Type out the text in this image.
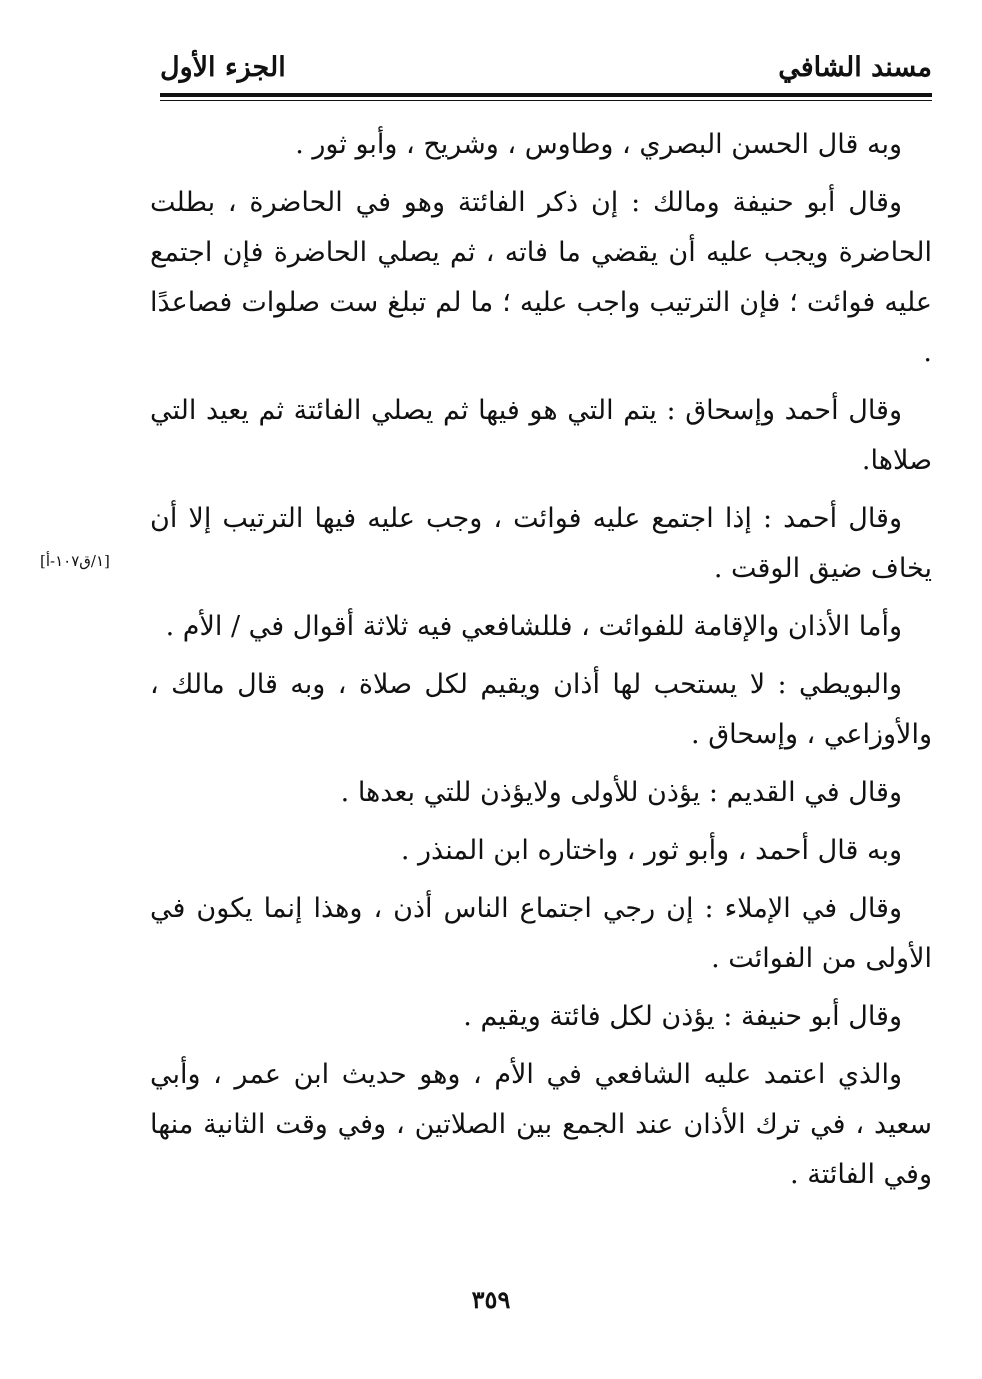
مسند الشافي
الجزء الأول

وبه قال الحسن البصري ، وطاوس ، وشريح ، وأبو ثور .

وقال أبو حنيفة ومالك : إن ذكر الفائتة وهو في الحاضرة ، بطلت الحاضرة ويجب عليه أن يقضي ما فاته ، ثم يصلي الحاضرة فإن اجتمع عليه فوائت ؛ فإن الترتيب واجب عليه ؛ ما لم تبلغ ست صلوات فصاعدًا .

وقال أحمد وإسحاق : يتم التي هو فيها ثم يصلي الفائتة ثم يعيد التي صلاها.

وقال أحمد : إذا اجتمع عليه فوائت ، وجب عليه فيها الترتيب إلا أن يخاف ضيق الوقت .

وأما الأذان والإقامة للفوائت ، فللشافعي فيه ثلاثة أقوال في / الأم .

والبويطي : لا يستحب لها أذان ويقيم لكل صلاة ، وبه قال مالك ، والأوزاعي ، وإسحاق .

وقال في القديم : يؤذن للأولى ولايؤذن للتي بعدها .

وبه قال أحمد ، وأبو ثور ، واختاره ابن المنذر .

وقال في الإملاء : إن رجي اجتماع الناس أذن ، وهذا إنما يكون في الأولى من الفوائت .

وقال أبو حنيفة : يؤذن لكل فائتة ويقيم .

والذي اعتمد عليه الشافعي في الأم ، وهو حديث ابن عمر ، وأبي سعيد ، في ترك الأذان عند الجمع بين الصلاتين ، وفي وقت الثانية منها وفي الفائتة .

[١/ق١٠٧-أ]
٣٥٩
